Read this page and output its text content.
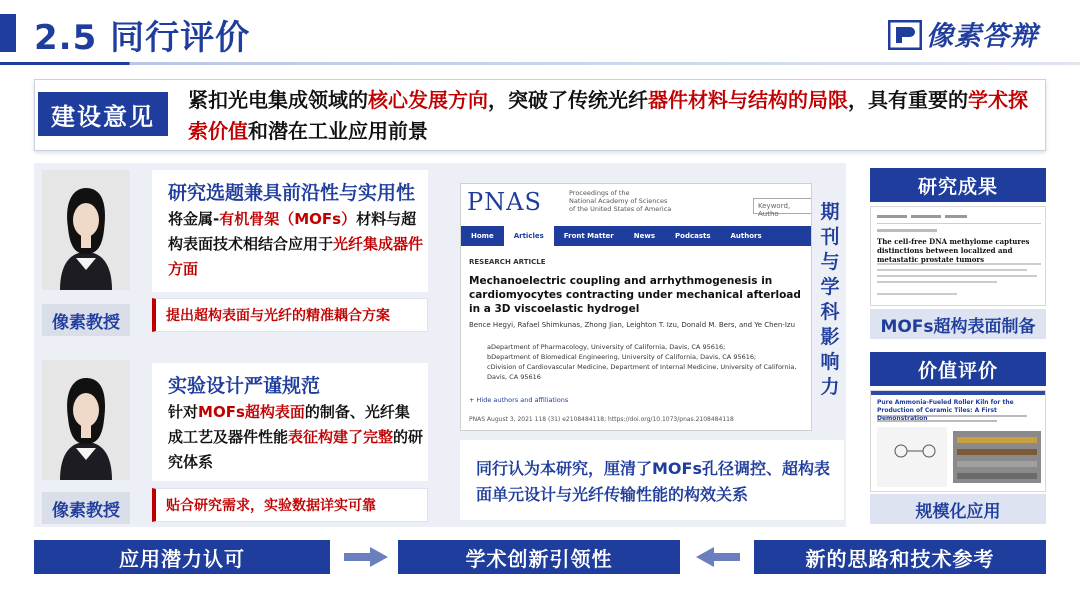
2.5 同行评价	像素答辩
建设意见
紧扣光电集成领域的核心发展方向，突破了传统光纤器件材料与结构的局限，具有重要的学术探索价值和潜在工业应用前景
像素教授
研究选题兼具前沿性与实用性
将金属-有机骨架（MOFs）材料与超构表面技术相结合应用于光纤集成器件方面
提出超构表面与光纤的精准耦合方案
像素教授
实验设计严谨规范
针对MOFs超构表面的制备、光纤集成工艺及器件性能表征构建了完整的研究体系
贴合研究需求，实验数据详实可靠
PNAS	Proceedings of the
National Academy of Sciences
of the United States of America	Keyword, Autho
Home	Articles	Front Matter	News	Podcasts	Authors
RESEARCH ARTICLE
Mechanoelectric coupling and arrhythmogenesis in cardiomyocytes contracting under mechanical afterload in a 3D viscoelastic hydrogel
Bence Hegyi, Rafael Shimkunas, Zhong Jian, Leighton T. Izu, Donald M. Bers, and Ye Chen-Izu
aDepartment of Pharmacology, University of California, Davis, CA 95616;
bDepartment of Biomedical Engineering, University of California, Davis, CA 95616;
cDivision of Cardiovascular Medicine, Department of Internal Medicine, University of California, Davis, CA 95616
+ Hide authors and affiliations
PNAS August 3, 2021 118 (31) e2108484118; https://doi.org/10.1073/pnas.2108484118
期
刊
与
学
科
影
响
力
同行认为本研究，厘清了MOFs孔径调控、超构表面单元设计与光纤传输性能的构效关系
研究成果
The cell-free DNA methylome captures distinctions between localized and metastatic prostate tumors
MOFs超构表面制备
价值评价
Pure Ammonia-Fueled Roller Kiln for the Production of Ceramic Tiles: A First Demonstration
规模化应用
应用潜力认可	学术创新引领性	新的思路和技术参考
